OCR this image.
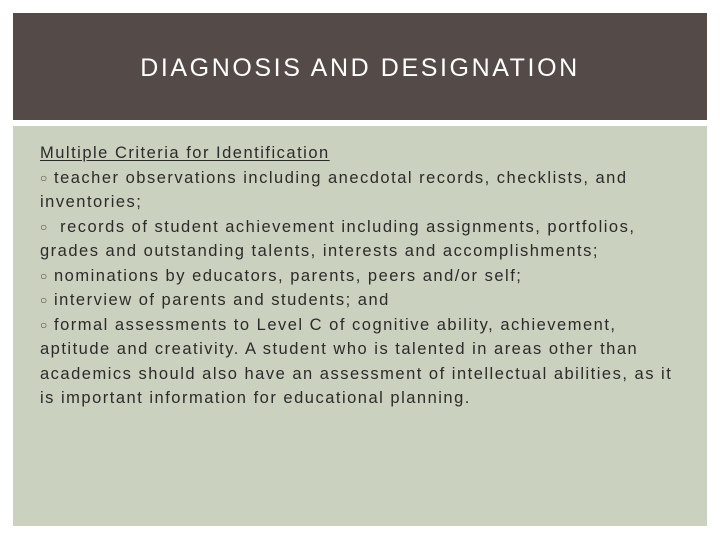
DIAGNOSIS AND DESIGNATION

Multiple Criteria for Identification

○ teacher observations including anecdotal records, checklists, and inventories;

○ records of student achievement including assignments, portfolios, grades and outstanding talents, interests and accomplishments;

○ nominations by educators, parents, peers and/or self;

○ interview of parents and students; and

○ formal assessments to Level C of cognitive ability, achievement, aptitude and creativity. A student who is talented in areas other than academics should also have an assessment of intellectual abilities, as it is important information for educational planning.
